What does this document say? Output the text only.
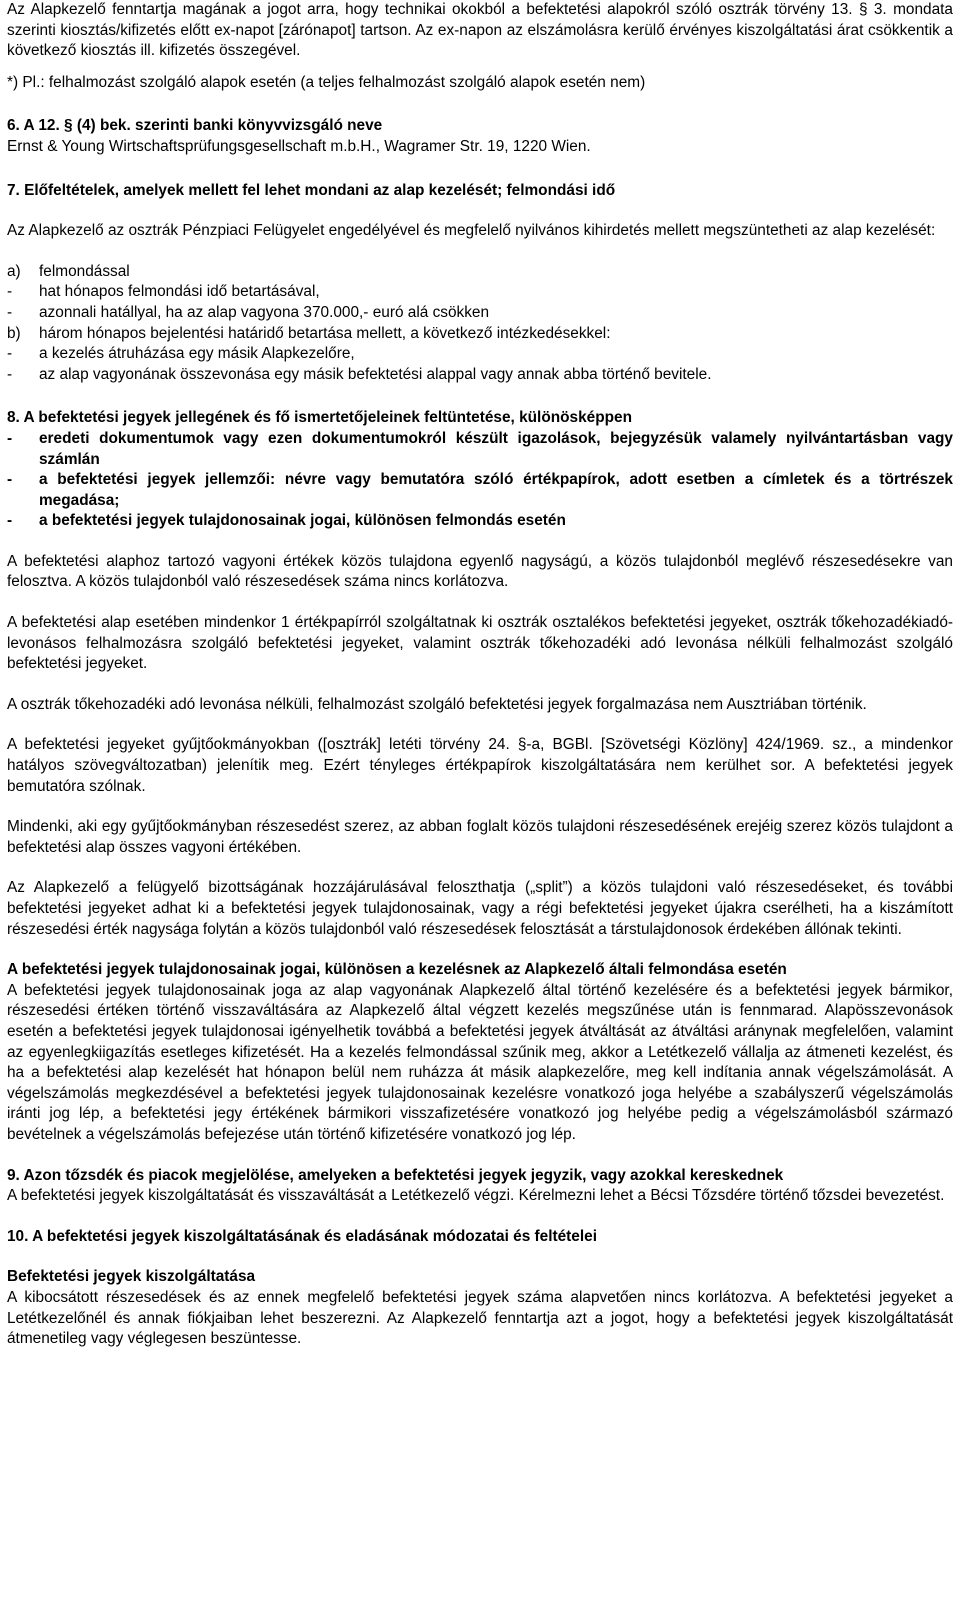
Az Alapkezelő fenntartja magának a jogot arra, hogy technikai okokból a befektetési alapokról szóló osztrák törvény 13. § 3. mondata szerinti kiosztás/kifizetés előtt ex-napot [zárónapot] tartson. Az ex-napon az elszámolásra kerülő érvényes kiszolgáltatási árat csökkentik a következő kiosztás ill. kifizetés összegével.

*) Pl.: felhalmozást szolgáló alapok esetén (a teljes felhalmozást szolgáló alapok esetén nem)

6. A 12. § (4) bek. szerinti banki könyvvizsgáló neve

Ernst & Young Wirtschaftsprüfungsgesellschaft m.b.H., Wagramer Str. 19, 1220 Wien.

7. Előfeltételek, amelyek mellett fel lehet mondani az alap kezelését; felmondási idő

Az Alapkezelő az osztrák Pénzpiaci Felügyelet engedélyével és megfelelő nyilvános kihirdetés mellett megszüntetheti az alap kezelését:

a)	felmondással
-	hat hónapos felmondási idő betartásával,
-	azonnali hatállyal, ha az alap vagyona 370.000,- euró alá csökken
b)	három hónapos bejelentési határidő betartása mellett, a következő intézkedésekkel:
-	a kezelés átruházása egy másik Alapkezelőre,
-	az alap vagyonának összevonása egy másik befektetési alappal vagy annak abba történő bevitele.

8. A befektetési jegyek jellegének és fő ismertetőjeleinek feltüntetése, különösképpen

-	eredeti dokumentumok vagy ezen dokumentumokról készült igazolások, bejegyzésük valamely nyilvántartásban vagy számlán
-	a befektetési jegyek jellemzői: névre vagy bemutatóra szóló értékpapírok, adott esetben a címletek és a törtrészek megadása;
-	a befektetési jegyek tulajdonosainak jogai, különösen felmondás esetén

A befektetési alaphoz tartozó vagyoni értékek közös tulajdona egyenlő nagyságú, a közös tulajdonból meglévő részesedésekre van felosztva. A közös tulajdonból való részesedések száma nincs korlátozva.

A befektetési alap esetében mindenkor 1 értékpapírról szolgáltatnak ki osztrák osztalékos befektetési jegyeket, osztrák tőkehozadékiadó-levonásos felhalmozásra szolgáló befektetési jegyeket, valamint osztrák tőkehozadéki adó levonása nélküli felhalmozást szolgáló befektetési jegyeket.

A osztrák tőkehozadéki adó levonása nélküli, felhalmozást szolgáló befektetési jegyek forgalmazása nem Ausztriában történik.

A befektetési jegyeket gyűjtőokmányokban ([osztrák] letéti törvény 24. §-a, BGBl. [Szövetségi Közlöny] 424/1969. sz., a mindenkor hatályos szövegváltozatban) jelenítik meg. Ezért tényleges értékpapírok kiszolgáltatására nem kerülhet sor. A befektetési jegyek bemutatóra szólnak.

Mindenki, aki egy gyűjtőokmányban részesedést szerez, az abban foglalt közös tulajdoni részesedésének erejéig szerez közös tulajdont a befektetési alap összes vagyoni értékében.

Az Alapkezelő a felügyelő bizottságának hozzájárulásával feloszthatja („split”) a közös tulajdoni való részesedéseket, és további befektetési jegyeket adhat ki a befektetési jegyek tulajdonosainak, vagy a régi befektetési jegyeket újakra cserélheti, ha a kiszámított részesedési érték nagysága folytán a közös tulajdonból való részesedések felosztását a társtulajdonosok érdekében állónak tekinti.

A befektetési jegyek tulajdonosainak jogai, különösen a kezelésnek az Alapkezelő általi felmondása esetén

A befektetési jegyek tulajdonosainak joga az alap vagyonának Alapkezelő által történő kezelésére és a befektetési jegyek bármikor, részesedési értéken történő visszaváltására az Alapkezelő által végzett kezelés megszűnése után is fennmarad. Alapösszevonások esetén a befektetési jegyek tulajdonosai igényelhetik továbbá a befektetési jegyek átváltását az átváltási aránynak megfelelően, valamint az egyenlegkiigazítás esetleges kifizetését. Ha a kezelés felmondással szűnik meg, akkor a Letétkezelő vállalja az átmeneti kezelést, és ha a befektetési alap kezelését hat hónapon belül nem ruházza át másik alapkezelőre, meg kell indítania annak végelszámolását. A végelszámolás megkezdésével a befektetési jegyek tulajdonosainak kezelésre vonatkozó joga helyébe a szabályszerű végelszámolás iránti jog lép, a befektetési jegy értékének bármikori visszafizetésére vonatkozó jog helyébe pedig a végelszámolásból származó bevételnek a végelszámolás befejezése után történő kifizetésére vonatkozó jog lép.

9. Azon tőzsdék és piacok megjelölése, amelyeken a befektetési jegyek jegyzik, vagy azokkal kereskednek

A befektetési jegyek kiszolgáltatását és visszaváltását a Letétkezelő végzi. Kérelmezni lehet a Bécsi Tőzsdére történő tőzsdei bevezetést.

10. A befektetési jegyek kiszolgáltatásának és eladásának módozatai és feltételei

Befektetési jegyek kiszolgáltatása

A kibocsátott részesedések és az ennek megfelelő befektetési jegyek száma alapvetően nincs korlátozva. A befektetési jegyeket a Letétkezelőnél és annak fiókjaiban lehet beszerezni. Az Alapkezelő fenntartja azt a jogot, hogy a befektetési jegyek kiszolgáltatását átmenetileg vagy véglegesen beszüntesse.
